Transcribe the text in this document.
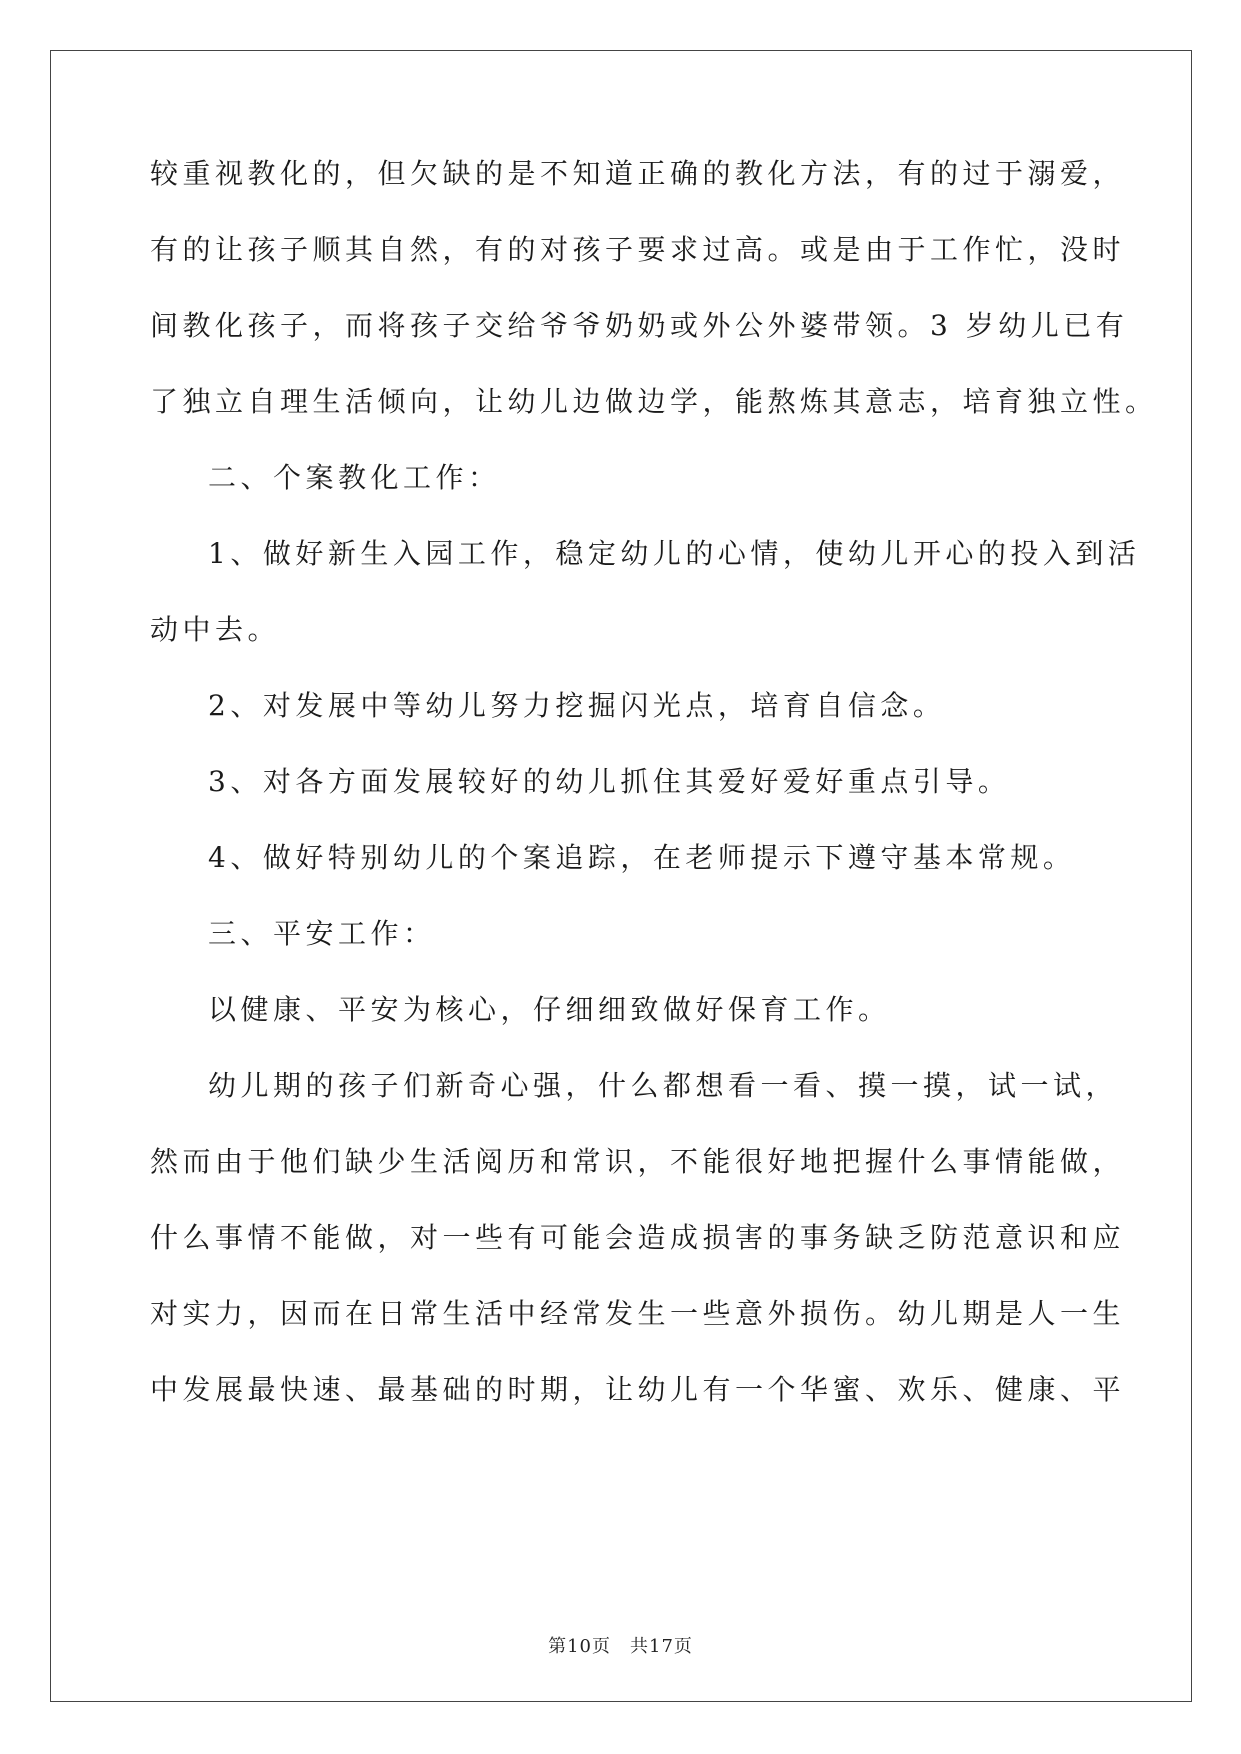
较重视教化的，但欠缺的是不知道正确的教化方法，有的过于溺爱，
有的让孩子顺其自然，有的对孩子要求过高。或是由于工作忙，没时
间教化孩子，而将孩子交给爷爷奶奶或外公外婆带领。3 岁幼儿已有
了独立自理生活倾向，让幼儿边做边学，能熬炼其意志，培育独立性。
二、个案教化工作：
1、做好新生入园工作，稳定幼儿的心情，使幼儿开心的投入到活
动中去。
2、对发展中等幼儿努力挖掘闪光点，培育自信念。
3、对各方面发展较好的幼儿抓住其爱好爱好重点引导。
4、做好特别幼儿的个案追踪，在老师提示下遵守基本常规。
三、平安工作：
以健康、平安为核心，仔细细致做好保育工作。
幼儿期的孩子们新奇心强，什么都想看一看、摸一摸，试一试，
然而由于他们缺少生活阅历和常识，不能很好地把握什么事情能做，
什么事情不能做，对一些有可能会造成损害的事务缺乏防范意识和应
对实力，因而在日常生活中经常发生一些意外损伤。幼儿期是人一生
中发展最快速、最基础的时期，让幼儿有一个华蜜、欢乐、健康、平
第10页　共17页
